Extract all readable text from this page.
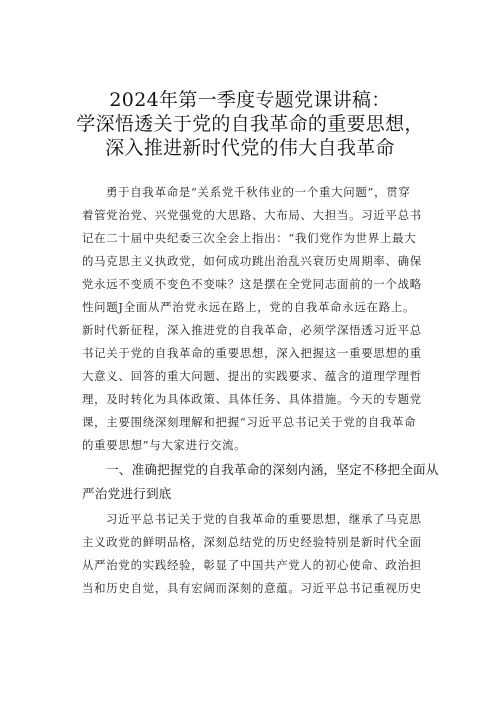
2024年第一季度专题党课讲稿：
学深悟透关于党的自我革命的重要思想，
深入推进新时代党的伟大自我革命
勇于自我革命是“关系党千秋伟业的一个重大问题”，贯穿
着管党治党、兴党强党的大思路、大布局、大担当。习近平总书
记在二十届中央纪委三次全会上指出：“我们党作为世界上最大
的马克思主义执政党，如何成功跳出治乱兴衰历史周期率、确保
党永远不变质不变色不变味？这是摆在全党同志面前的一个战略
性问题J全面从严治党永远在路上，党的自我革命永远在路上。
新时代新征程，深入推进党的自我革命，必须学深悟透习近平总
书记关于党的自我革命的重要思想，深入把握这一重要思想的重
大意义、回答的重大问题、提出的实践要求、蕴含的道理学理哲
理，及时转化为具体政策、具体任务、具体措施。今天的专题党
课，主要围绕深刻理解和把握“习近平总书记关于党的自我革命
的重要思想”与大家进行交流。
一、准确把握党的自我革命的深刻内涵，坚定不移把全面从
严治党进行到底
习近平总书记关于党的自我革命的重要思想，继承了马克思
主义政党的鲜明品格，深刻总结党的历史经验特别是新时代全面
从严治党的实践经验，彰显了中国共产党人的初心使命、政治担
当和历史自觉，具有宏阔而深刻的意蕴。习近平总书记重视历史
